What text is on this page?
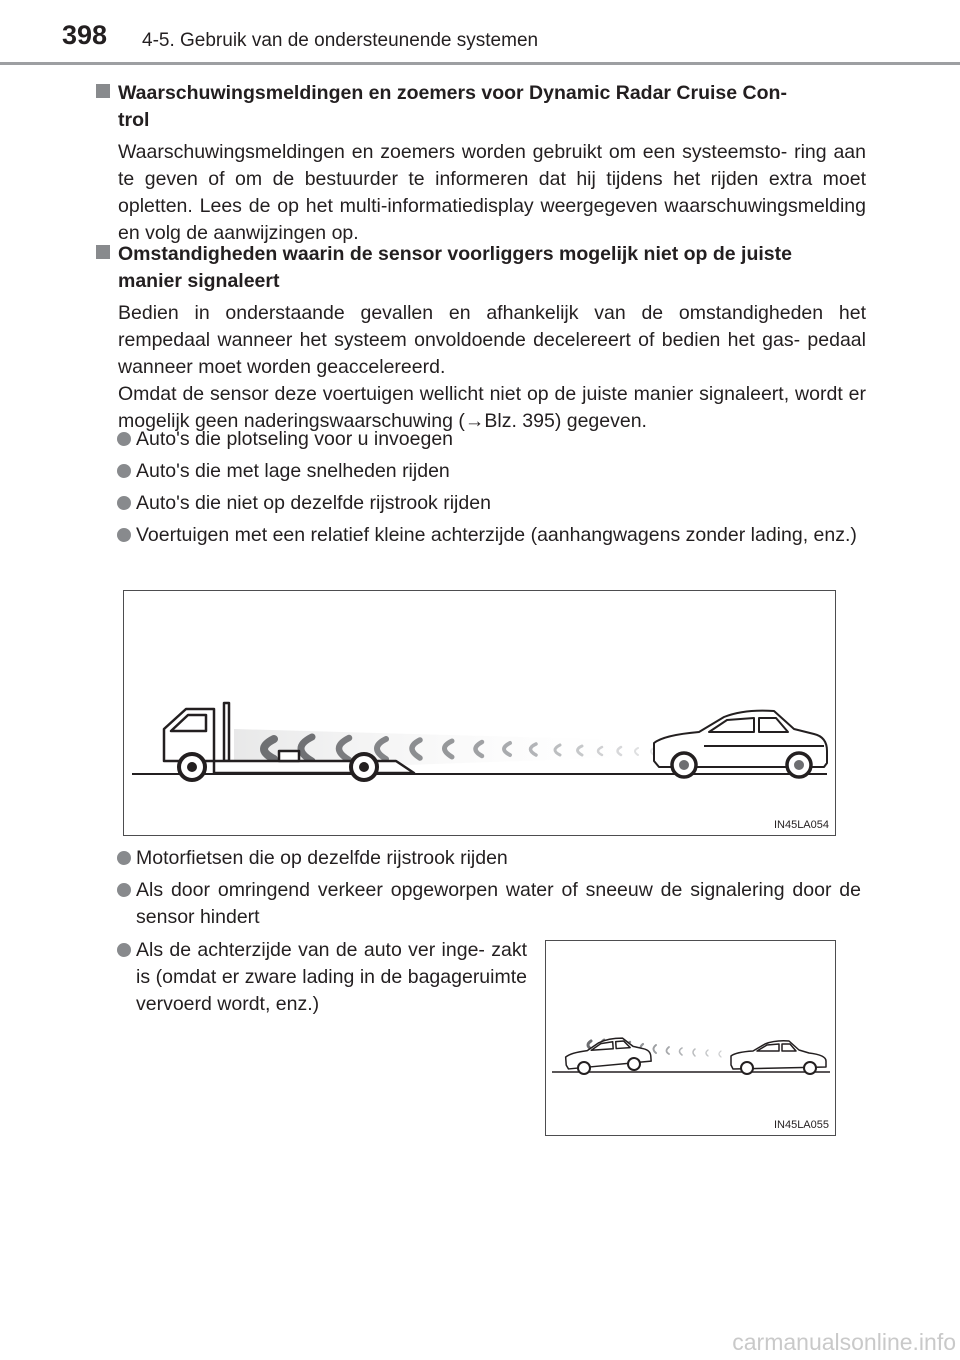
398 4-5. Gebruik van de ondersteunende systemen
Waarschuwingsmeldingen en zoemers voor Dynamic Radar Cruise Con-
trol
Waarschuwingsmeldingen en zoemers worden gebruikt om een systeemsto- ring aan te geven of om de bestuurder te informeren dat hij tijdens het rijden extra moet opletten. Lees de op het multi-informatiedisplay weergegeven waarschuwingsmelding en volg de aanwijzingen op.
Omstandigheden waarin de sensor voorliggers mogelijk niet op de juiste
manier signaleert
Bedien in onderstaande gevallen en afhankelijk van de omstandigheden het rempedaal wanneer het systeem onvoldoende decelereert of bedien het gas- pedaal wanneer moet worden geaccelereerd.
Omdat de sensor deze voertuigen wellicht niet op de juiste manier signaleert, wordt er mogelijk geen naderingswaarschuwing (→Blz. 395) gegeven.
Auto's die plotseling voor u invoegen
Auto's die met lage snelheden rijden
Auto's die niet op dezelfde rijstrook rijden
Voertuigen met een relatief kleine achterzijde (aanhangwagens zonder lading, enz.)
IN45LA054
Motorfietsen die op dezelfde rijstrook rijden
Als door omringend verkeer opgeworpen water of sneeuw de signalering door de sensor hindert
Als de achterzijde van de auto ver inge- zakt is (omdat er zware lading in de bagageruimte vervoerd wordt, enz.)
IN45LA055
carmanualsonline.info
